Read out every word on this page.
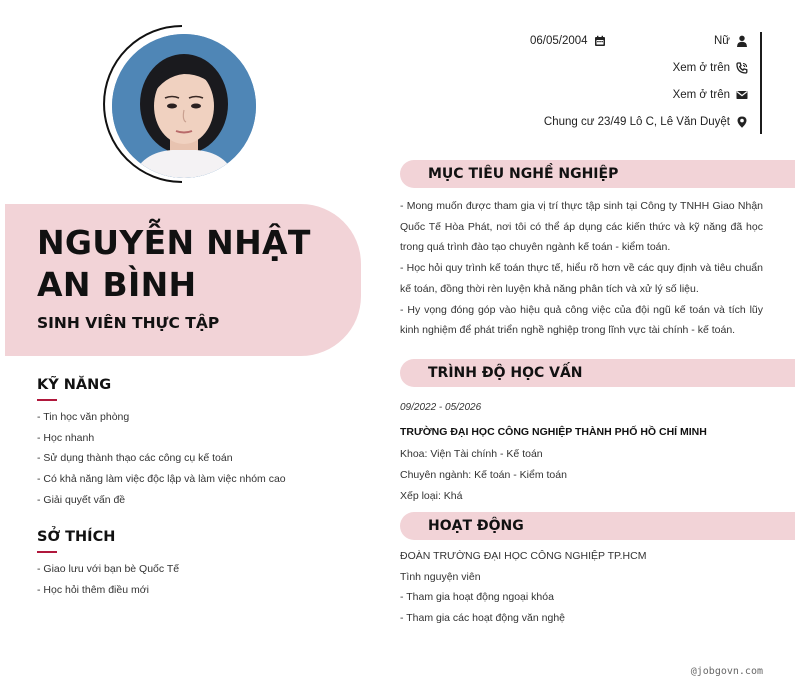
NGUYỄN NHẬT AN BÌNH
SINH VIÊN THỰC TẬP
KỸ NĂNG
- Tin học văn phòng
- Học nhanh
- Sử dụng thành thạo các công cụ kế toán
- Có khả năng làm việc độc lập và làm việc nhóm cao
- Giải quyết vấn đề
SỞ THÍCH
- Giao lưu với bạn bè Quốc Tế
- Học hỏi thêm điều mới
06/05/2004	Nữ
Xem ở trên
Xem ở trên
Chung cư 23/49 Lô C, Lê Văn Duyệt
MỤC TIÊU NGHỀ NGHIỆP
- Mong muốn được tham gia vị trí thực tập sinh tại Công ty TNHH Giao Nhận Quốc Tế Hòa Phát, nơi tôi có thể áp dụng các kiến thức và kỹ năng đã học trong quá trình đào tạo chuyên ngành kế toán - kiểm toán.
- Học hỏi quy trình kế toán thực tế, hiểu rõ hơn về các quy định và tiêu chuẩn kế toán, đồng thời rèn luyện khả năng phân tích và xử lý số liệu.
- Hy vọng đóng góp vào hiệu quả công việc của đội ngũ kế toán và tích lũy kinh nghiệm để phát triển nghề nghiệp trong lĩnh vực tài chính - kế toán.
TRÌNH ĐỘ HỌC VẤN
09/2022 - 05/2026
TRƯỜNG ĐẠI HỌC CÔNG NGHIỆP THÀNH PHỐ HỒ CHÍ MINH
Khoa: Viện Tài chính - Kế toán
Chuyên ngành: Kế toán - Kiểm toán
Xếp loại: Khá
HOẠT ĐỘNG
ĐOÀN TRƯỜNG ĐẠI HỌC CÔNG NGHIỆP TP.HCM
Tình nguyện viên
- Tham gia hoạt động ngoại khóa
- Tham gia các hoạt động văn nghệ
@jobgovn.com
